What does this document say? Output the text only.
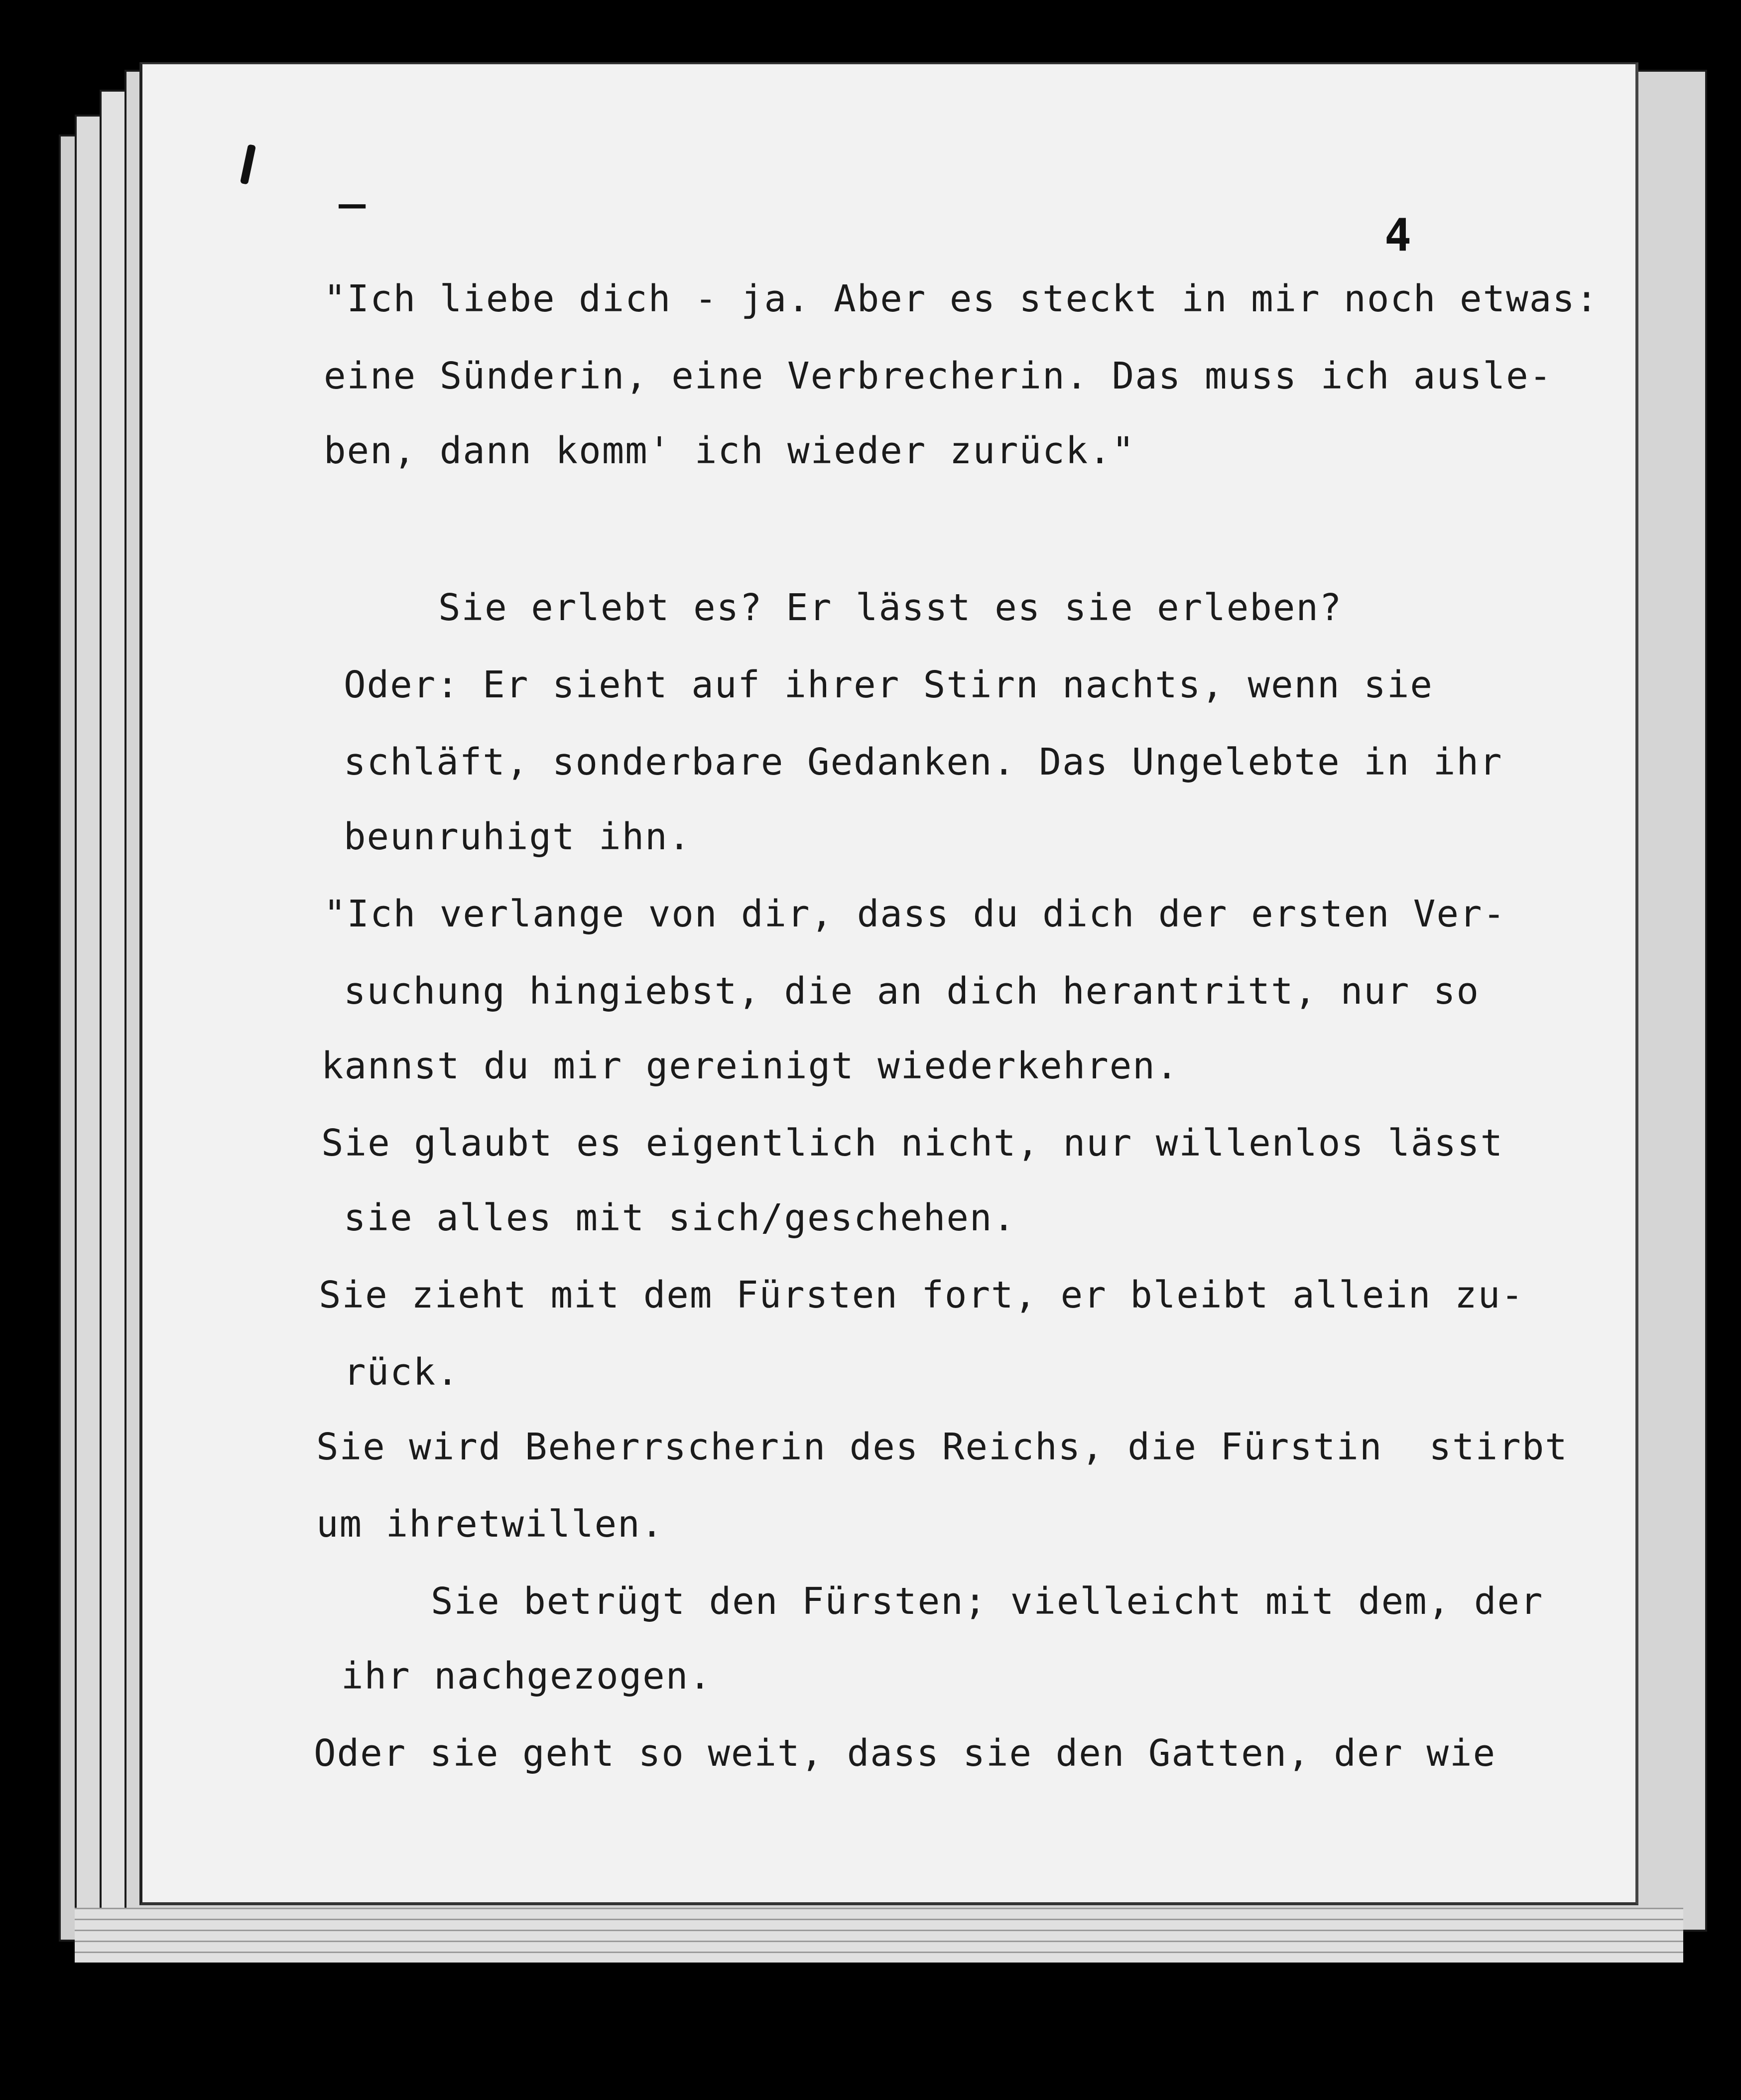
‾	4
"Ich liebe dich - ja. Aber es steckt in mir noch etwas:
eine Sünderin, eine Verbrecherin. Das muss ich ausle-
ben, dann komm' ich wieder zurück."
Sie erlebt es? Er lässt es sie erleben?
Oder: Er sieht auf ihrer Stirn nachts, wenn sie
schläft, sonderbare Gedanken. Das Ungelebte in ihr
beunruhigt ihn.
"Ich verlange von dir, dass du dich der ersten Ver-
suchung hingiebst, die an dich herantritt, nur so
kannst du mir gereinigt wiederkehren.
Sie glaubt es eigentlich nicht, nur willenlos lässt
sie alles mit sich/geschehen.
Sie zieht mit dem Fürsten fort, er bleibt allein zu-
rück.
Sie wird Beherrscherin des Reichs, die Fürstin  stirbt
um ihretwillen.
Sie betrügt den Fürsten; vielleicht mit dem, der
ihr nachgezogen.
Oder sie geht so weit, dass sie den Gatten, der wie
